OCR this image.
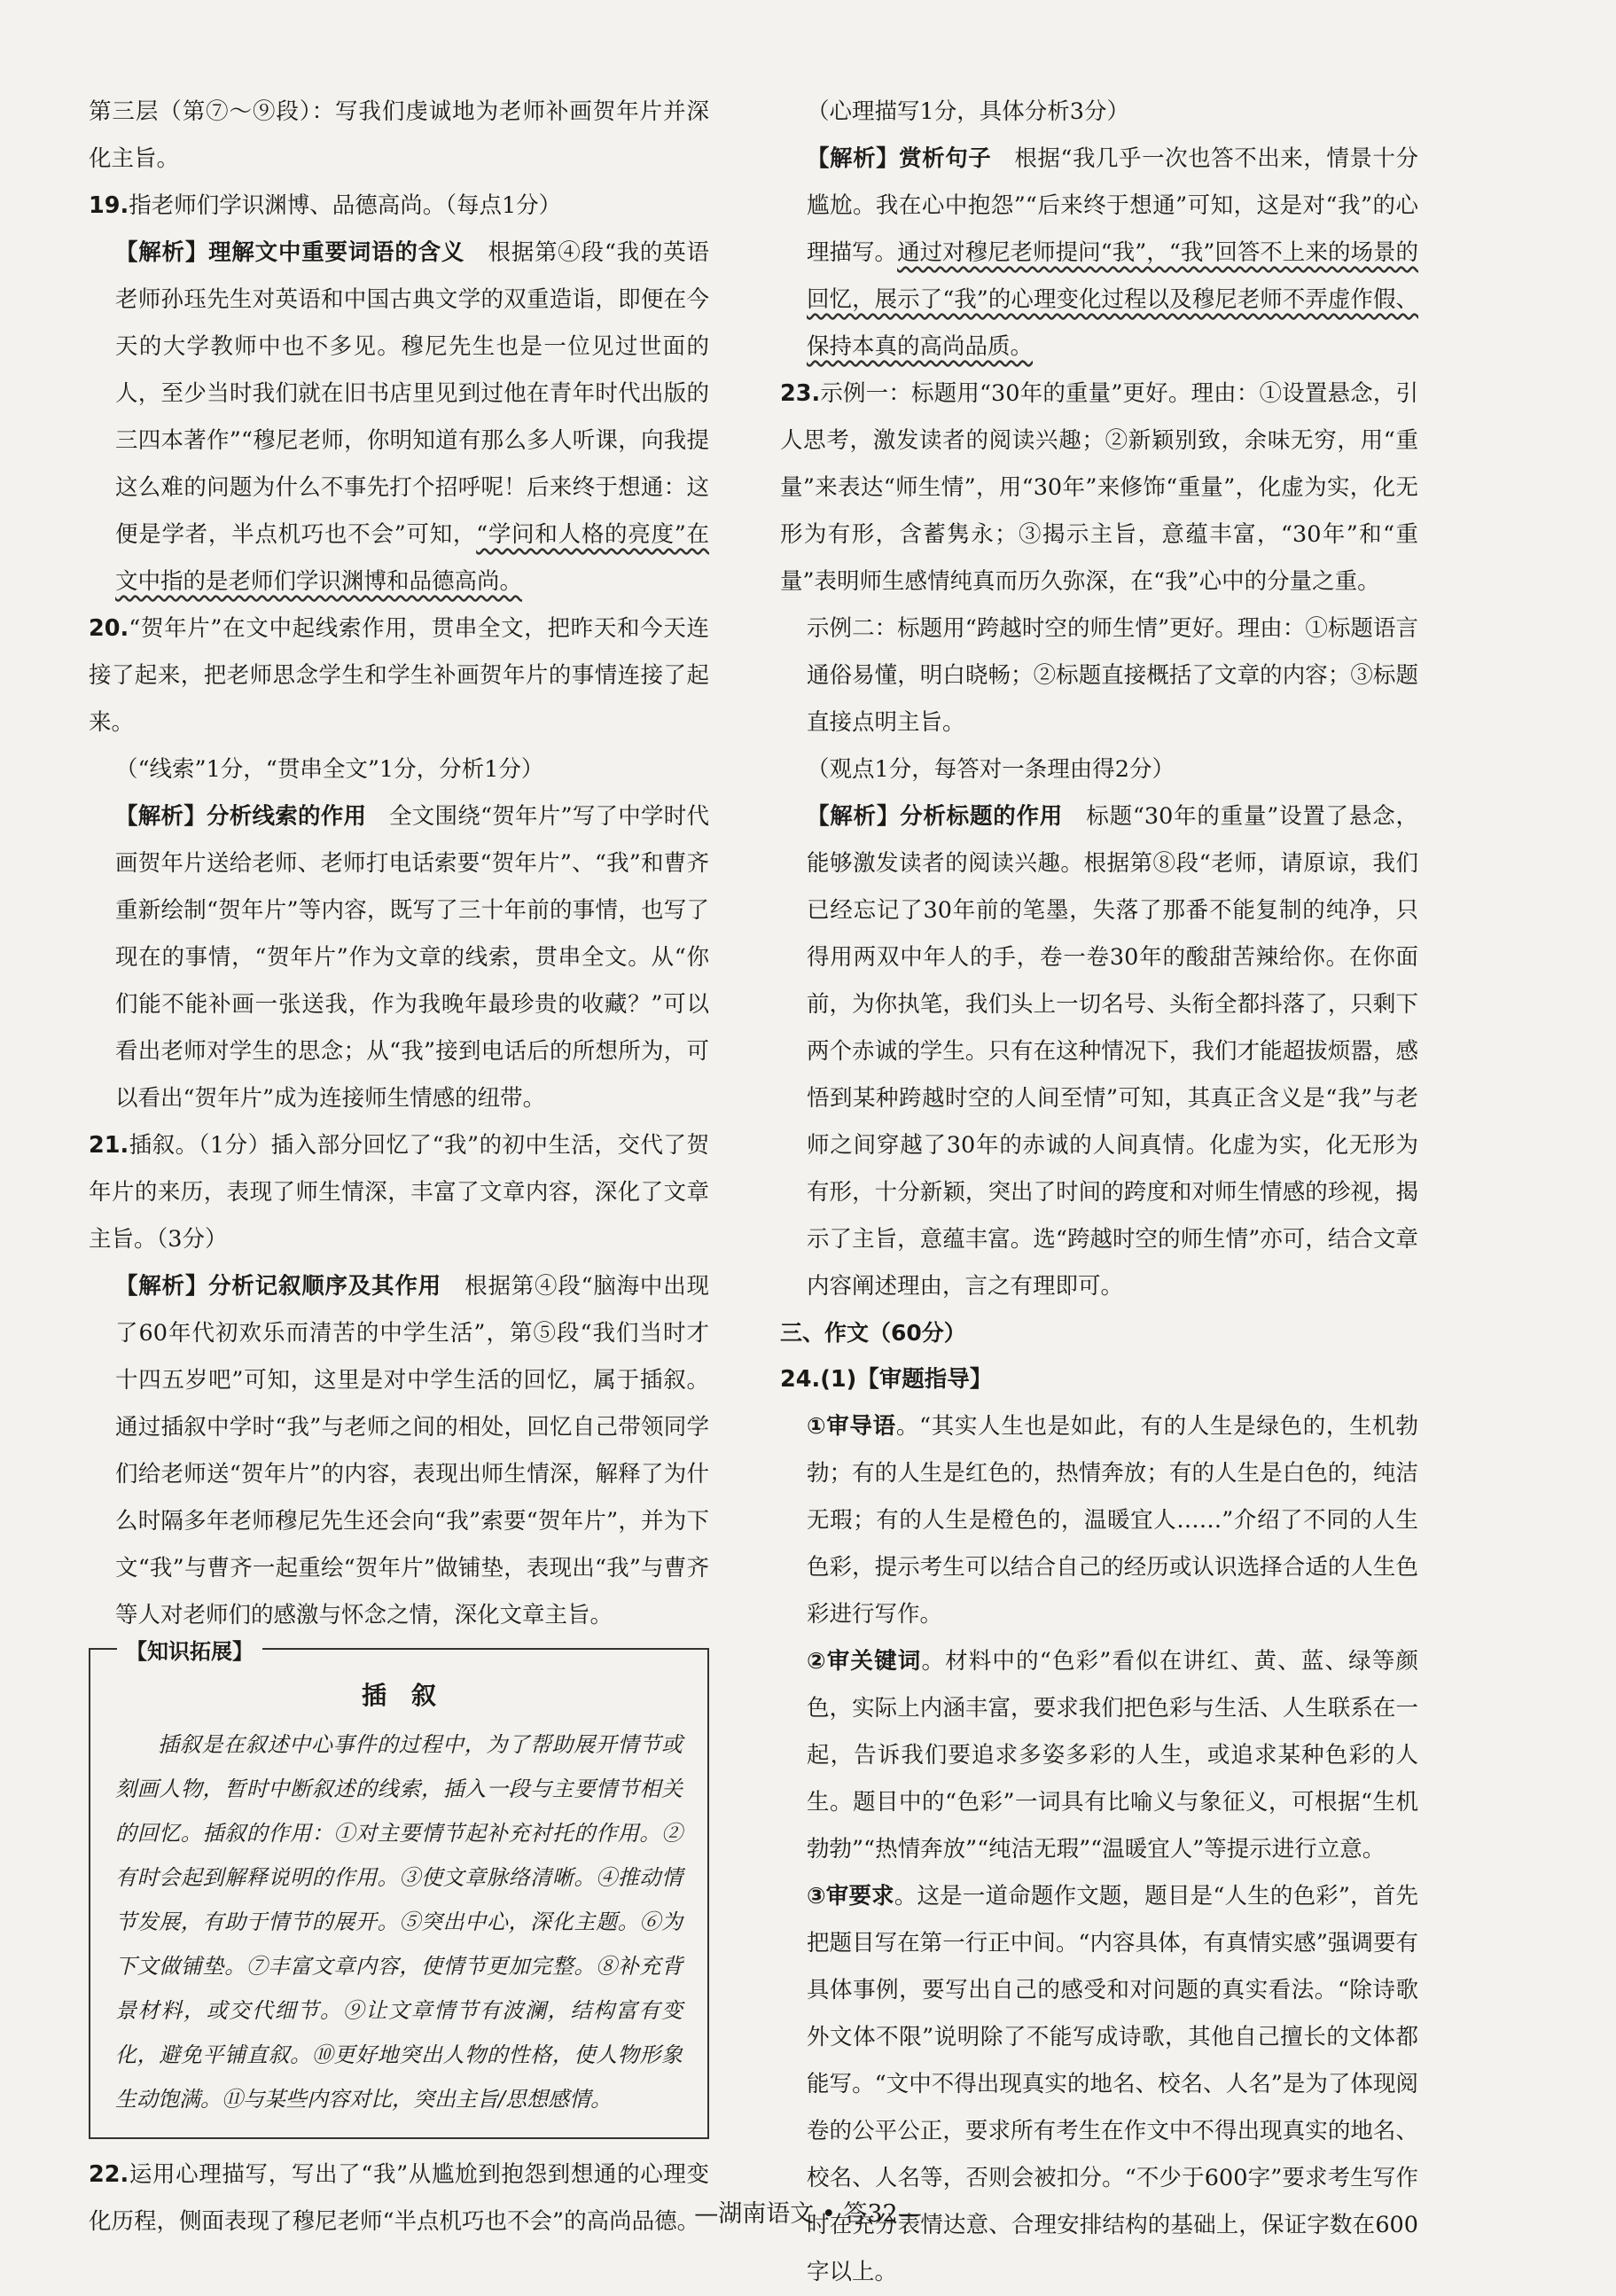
第三层（第⑦～⑨段）：写我们虔诚地为老师补画贺年片并深化主旨。

19.指老师们学识渊博、品德高尚。（每点1分）

【解析】理解文中重要词语的含义　根据第④段“我的英语老师孙珏先生对英语和中国古典文学的双重造诣，即便在今天的大学教师中也不多见。穆尼先生也是一位见过世面的人，至少当时我们就在旧书店里见到过他在青年时代出版的三四本著作”“穆尼老师，你明知道有那么多人听课，向我提这么难的问题为什么不事先打个招呼呢！后来终于想通：这便是学者，半点机巧也不会”可知，“学问和人格的亮度”在文中指的是老师们学识渊博和品德高尚。

20.“贺年片”在文中起线索作用，贯串全文，把昨天和今天连接了起来，把老师思念学生和学生补画贺年片的事情连接了起来。

（“线索”1分，“贯串全文”1分，分析1分）

【解析】分析线索的作用　全文围绕“贺年片”写了中学时代画贺年片送给老师、老师打电话索要“贺年片”、“我”和曹齐重新绘制“贺年片”等内容，既写了三十年前的事情，也写了现在的事情，“贺年片”作为文章的线索，贯串全文。从“你们能不能补画一张送我，作为我晚年最珍贵的收藏？”可以看出老师对学生的思念；从“我”接到电话后的所想所为，可以看出“贺年片”成为连接师生情感的纽带。

21.插叙。（1分）插入部分回忆了“我”的初中生活，交代了贺年片的来历，表现了师生情深，丰富了文章内容，深化了文章主旨。（3分）

【解析】分析记叙顺序及其作用　根据第④段“脑海中出现了60年代初欢乐而清苦的中学生活”，第⑤段“我们当时才十四五岁吧”可知，这里是对中学生活的回忆，属于插叙。通过插叙中学时“我”与老师之间的相处，回忆自己带领同学们给老师送“贺年片”的内容，表现出师生情深，解释了为什么时隔多年老师穆尼先生还会向“我”索要“贺年片”，并为下文“我”与曹齐一起重绘“贺年片”做铺垫，表现出“我”与曹齐等人对老师们的感激与怀念之情，深化文章主旨。

【知识拓展】
插　叙

插叙是在叙述中心事件的过程中，为了帮助展开情节或刻画人物，暂时中断叙述的线索，插入一段与主要情节相关的回忆。插叙的作用：①对主要情节起补充衬托的作用。②有时会起到解释说明的作用。③使文章脉络清晰。④推动情节发展，有助于情节的展开。⑤突出中心，深化主题。⑥为下文做铺垫。⑦丰富文章内容，使情节更加完整。⑧补充背景材料，或交代细节。⑨让文章情节有波澜，结构富有变化，避免平铺直叙。⑩更好地突出人物的性格，使人物形象生动饱满。⑪与某些内容对比，突出主旨/思想感情。

22.运用心理描写，写出了“我”从尴尬到抱怨到想通的心理变化历程，侧面表现了穆尼老师“半点机巧也不会”的高尚品德。

（心理描写1分，具体分析3分）

【解析】赏析句子　根据“我几乎一次也答不出来，情景十分尴尬。我在心中抱怨”“后来终于想通”可知，这是对“我”的心理描写。通过对穆尼老师提问“我”，“我”回答不上来的场景的回忆，展示了“我”的心理变化过程以及穆尼老师不弄虚作假、保持本真的高尚品质。

23.示例一：标题用“30年的重量”更好。理由：①设置悬念，引人思考，激发读者的阅读兴趣；②新颖别致，余味无穷，用“重量”来表达“师生情”，用“30年”来修饰“重量”，化虚为实，化无形为有形，含蓄隽永；③揭示主旨，意蕴丰富，“30年”和“重量”表明师生感情纯真而历久弥深，在“我”心中的分量之重。

示例二：标题用“跨越时空的师生情”更好。理由：①标题语言通俗易懂，明白晓畅；②标题直接概括了文章的内容；③标题直接点明主旨。

（观点1分，每答对一条理由得2分）

【解析】分析标题的作用　标题“30年的重量”设置了悬念，能够激发读者的阅读兴趣。根据第⑧段“老师，请原谅，我们已经忘记了30年前的笔墨，失落了那番不能复制的纯净，只得用两双中年人的手，卷一卷30年的酸甜苦辣给你。在你面前，为你执笔，我们头上一切名号、头衔全都抖落了，只剩下两个赤诚的学生。只有在这种情况下，我们才能超拔烦嚣，感悟到某种跨越时空的人间至情”可知，其真正含义是“我”与老师之间穿越了30年的赤诚的人间真情。化虚为实，化无形为有形，十分新颖，突出了时间的跨度和对师生情感的珍视，揭示了主旨，意蕴丰富。选“跨越时空的师生情”亦可，结合文章内容阐述理由，言之有理即可。

三、作文（60分）

24.(1)【审题指导】

①审导语。“其实人生也是如此，有的人生是绿色的，生机勃勃；有的人生是红色的，热情奔放；有的人生是白色的，纯洁无瑕；有的人生是橙色的，温暖宜人……”介绍了不同的人生色彩，提示考生可以结合自己的经历或认识选择合适的人生色彩进行写作。

②审关键词。材料中的“色彩”看似在讲红、黄、蓝、绿等颜色，实际上内涵丰富，要求我们把色彩与生活、人生联系在一起，告诉我们要追求多姿多彩的人生，或追求某种色彩的人生。题目中的“色彩”一词具有比喻义与象征义，可根据“生机勃勃”“热情奔放”“纯洁无瑕”“温暖宜人”等提示进行立意。

③审要求。这是一道命题作文题，题目是“人生的色彩”，首先把题目写在第一行正中间。“内容具体，有真情实感”强调要有具体事例，要写出自己的感受和对问题的真实看法。“除诗歌外文体不限”说明除了不能写成诗歌，其他自己擅长的文体都能写。“文中不得出现真实的地名、校名、人名”是为了体现阅卷的公平公正，要求所有考生在作文中不得出现真实的地名、校名、人名等，否则会被扣分。“不少于600字”要求考生写作时在充分表情达意、合理安排结构的基础上，保证字数在600字以上。

—湖南语文 • 答32—
